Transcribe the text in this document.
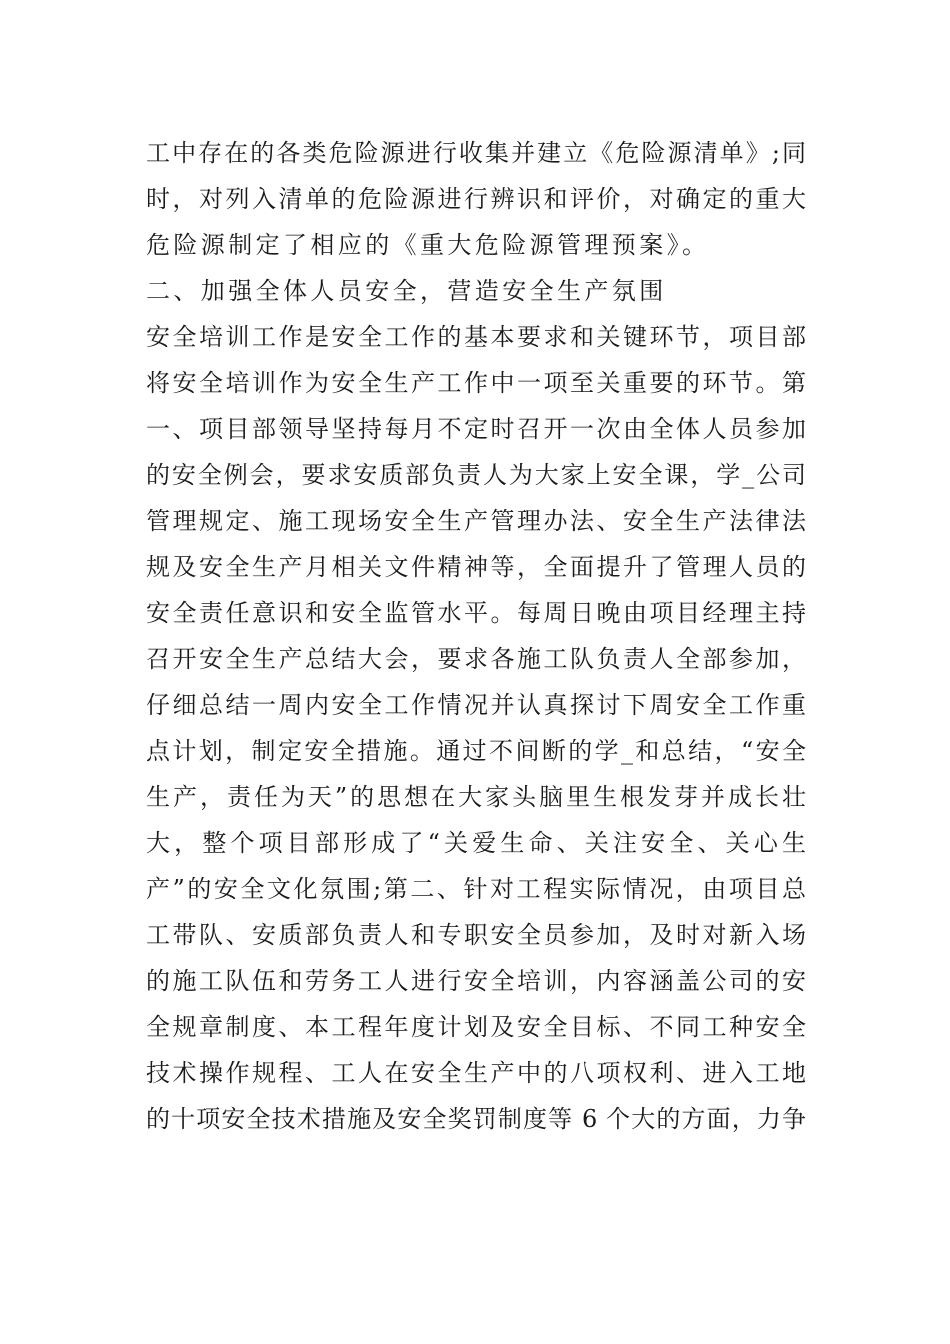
工中存在的各类危险源进行收集并建立《危险源清单》;同
时，对列入清单的危险源进行辨识和评价，对确定的重大
危险源制定了相应的《重大危险源管理预案》。
二、加强全体人员安全，营造安全生产氛围
安全培训工作是安全工作的基本要求和关键环节，项目部
将安全培训作为安全生产工作中一项至关重要的环节。第
一、项目部领导坚持每月不定时召开一次由全体人员参加
的安全例会，要求安质部负责人为大家上安全课，学_公司
管理规定、施工现场安全生产管理办法、安全生产法律法
规及安全生产月相关文件精神等，全面提升了管理人员的
安全责任意识和安全监管水平。每周日晚由项目经理主持
召开安全生产总结大会，要求各施工队负责人全部参加，
仔细总结一周内安全工作情况并认真探讨下周安全工作重
点计划，制定安全措施。通过不间断的学_和总结，“安全
生产，责任为天”的思想在大家头脑里生根发芽并成长壮
大，整个项目部形成了“关爱生命、关注安全、关心生
产”的安全文化氛围;第二、针对工程实际情况，由项目总
工带队、安质部负责人和专职安全员参加，及时对新入场
的施工队伍和劳务工人进行安全培训，内容涵盖公司的安
全规章制度、本工程年度计划及安全目标、不同工种安全
技术操作规程、工人在安全生产中的八项权利、进入工地
的十项安全技术措施及安全奖罚制度等 6 个大的方面，力争
